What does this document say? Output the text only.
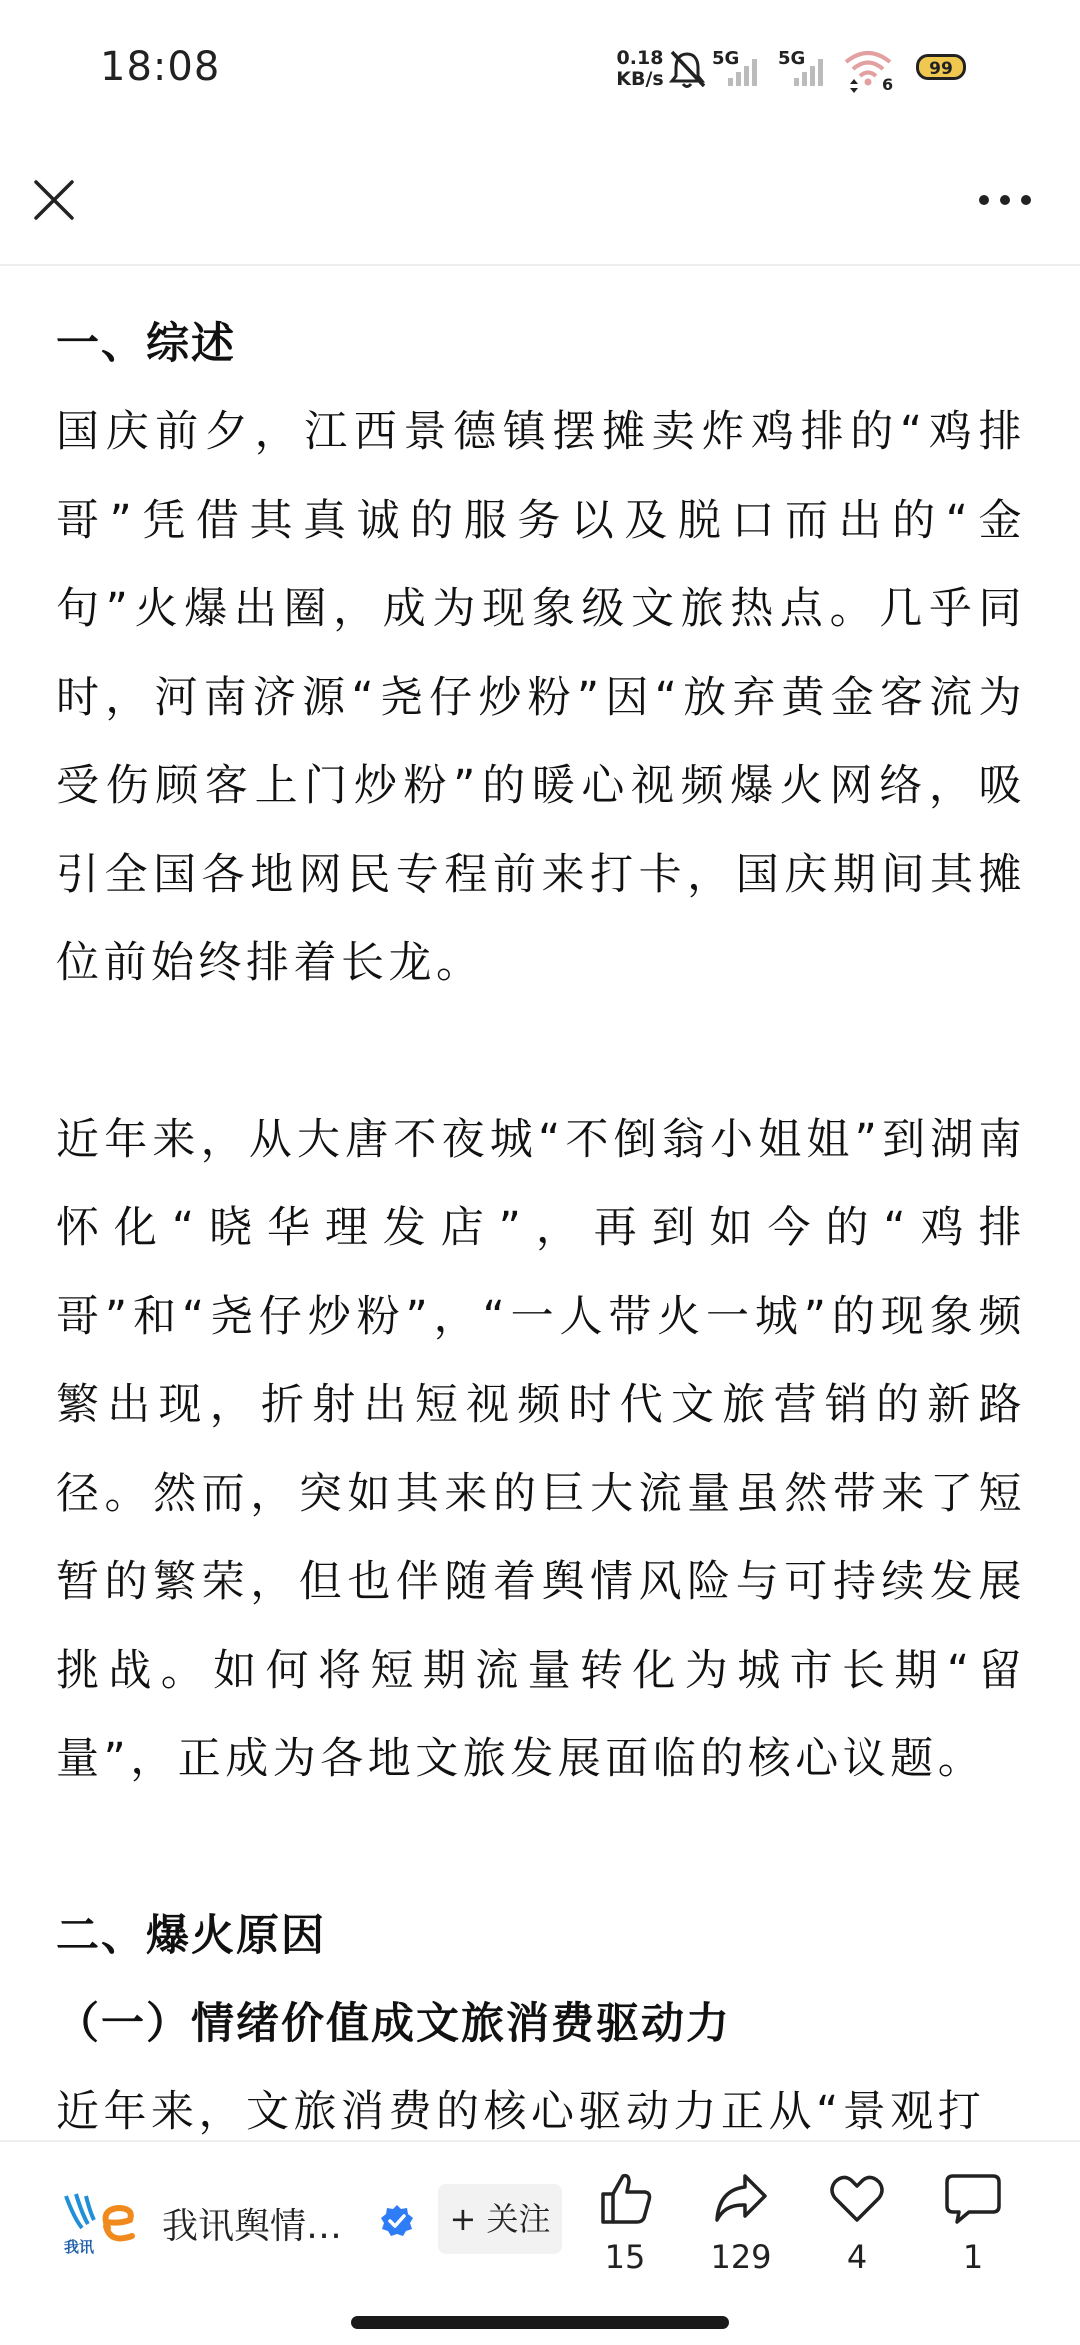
18:08	0.18
KB/s
5G 5G
6
99
一、综述

国庆前夕，江西景德镇摆摊卖炸鸡排的“鸡排哥”凭借其真诚的服务以及脱口而出的“金句”火爆出圈，成为现象级文旅热点。几乎同时，河南济源“尧仔炒粉”因“放弃黄金客流为受伤顾客上门炒粉”的暖心视频爆火网络，吸引全国各地网民专程前来打卡，国庆期间其摊位前始终排着长龙。

近年来，从大唐不夜城“不倒翁小姐姐”到湖南怀化“晓华理发店”，再到如今的“鸡排哥”和“尧仔炒粉”，“一人带火一城”的现象频繁出现，折射出短视频时代文旅营销的新路径。然而，突如其来的巨大流量虽然带来了短暂的繁荣，但也伴随着舆情风险与可持续发展挑战。如何将短期流量转化为城市长期“留量”，正成为各地文旅发展面临的核心议题。

二、爆火原因
（一）情绪价值成文旅消费驱动力

近年来，文旅消费的核心驱动力正从“景观打

我讯 我讯舆情…	+ 关注
15	129	4	1
